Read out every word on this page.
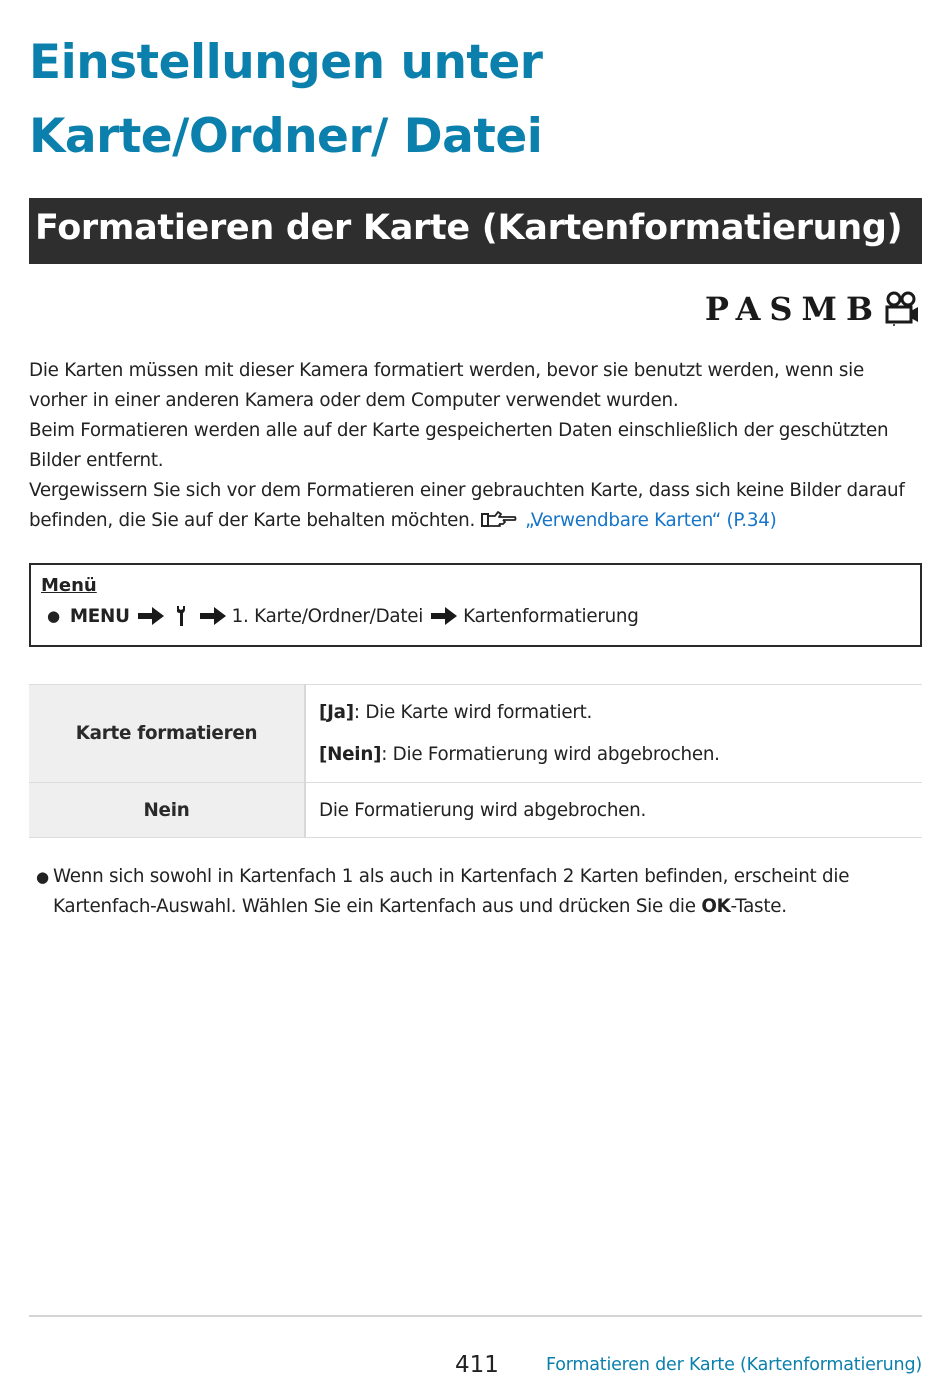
Einstellungen unter Karte/Ordner/ Datei
Formatieren der Karte (Kartenformatierung)
PASMB

Die Karten müssen mit dieser Kamera formatiert werden, bevor sie benutzt werden, wenn sie vorher in einer anderen Kamera oder dem Computer verwendet wurden.

Beim Formatieren werden alle auf der Karte gespeicherten Daten einschließlich der geschützten Bilder entfernt.

Vergewissern Sie sich vor dem Formatieren einer gebrauchten Karte, dass sich keine Bilder darauf befinden, die Sie auf der Karte behalten möchten.	„Verwendbare Karten“ (P.34)

Menü
● MENU	1. Karte/Ordner/Datei Kartenformatierung
Karte formatieren	[Ja]: Die Karte wird formatiert.
[Nein]: Die Formatierung wird abgebrochen.

Nein	Die Formatierung wird abgebrochen.
● Wenn sich sowohl in Kartenfach 1 als auch in Kartenfach 2 Karten befinden, erscheint die Kartenfach-Auswahl. Wählen Sie ein Kartenfach aus und drücken Sie die OK-Taste.
411	Formatieren der Karte (Kartenformatierung)
